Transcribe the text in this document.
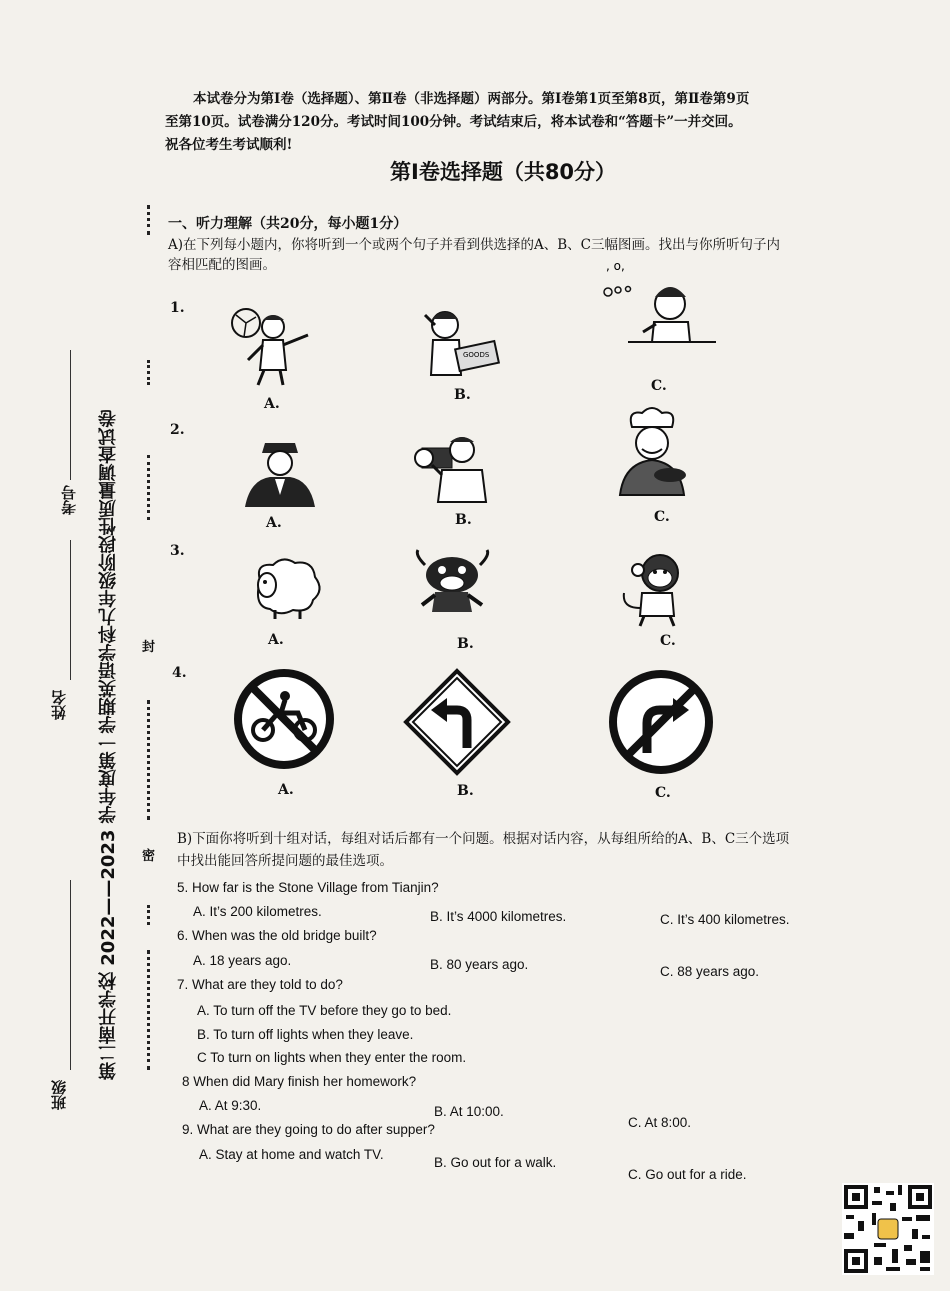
第二南开学校 2022——2023 学年度第一学期英语学科九年级阶段性质量调查试卷
班级
姓名
考号
封
密
本试卷分为第Ⅰ卷（选择题）、第Ⅱ卷（非选择题）两部分。第Ⅰ卷第1页至第8页，第Ⅱ卷第9页
至第10页。试卷满分120分。考试时间100分钟。考试结束后，将本试卷和“答题卡”一并交回。
祝各位考生考试顺利!
第Ⅰ卷选择题（共80分）
一、听力理解（共20分，每小题1分）
A)在下列每小题内，你将听到一个或两个句子并看到供选择的A、B、C三幅图画。找出与你所听句子内
容相匹配的图画。
1.
A.
GOODS
B.
, o,
C.
2.
A.	B.	C.
3.
A.	B.	C.
4.
A.	B.	C.
B)下面你将听到十组对话，每组对话后都有一个问题。根据对话内容，从每组所给的A、B、C三个选项
中找出能回答所提问题的最佳选项。
5. How far is the Stone Village from Tianjin?
A. It’s 200 kilometres.	B. It’s 4000 kilometres.	C. It’s 400 kilometres.
6. When was the old bridge built?
A. 18 years ago.	B. 80 years ago.	C. 88 years ago.
7. What are they told to do?
A. To turn off the TV before they go to bed.
B. To turn off lights when they leave.
C To turn on lights when they enter the room.
8 When did Mary finish her homework?
A. At 9:30.	B. At 10:00.
C. At 8:00.
9. What are they going to do after supper?
A. Stay at home and watch TV.
B. Go out for a walk.
C. Go out for a ride.
